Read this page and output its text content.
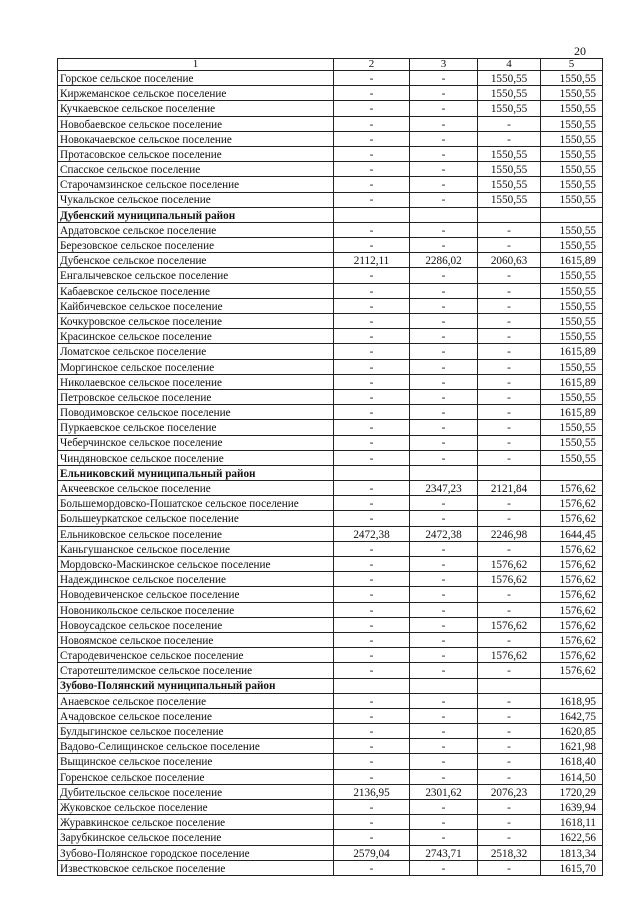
20
1	2	3	4	5
Горское сельское поселение	-	-	1550,55	1550,55
Киржеманское сельское поселение	-	-	1550,55	1550,55
Кучкаевское сельское поселение	-	-	1550,55	1550,55
Новобаевское сельское поселение	-	-	-	1550,55
Новокачаевское сельское поселение	-	-	-	1550,55
Протасовское сельское поселение	-	-	1550,55	1550,55
Спасское сельское поселение	-	-	1550,55	1550,55
Старочамзинское сельское поселение	-	-	1550,55	1550,55
Чукальское сельское поселение	-	-	1550,55	1550,55
Дубенский муниципальный район				
Ардатовское сельское поселение	-	-	-	1550,55
Березовское сельское поселение	-	-	-	1550,55
Дубенское сельское поселение	2112,11	2286,02	2060,63	1615,89
Енгалычевское сельское поселение	-	-	-	1550,55
Кабаевское сельское поселение	-	-	-	1550,55
Кайбичевское сельское поселение	-	-	-	1550,55
Кочкуровское сельское поселение	-	-	-	1550,55
Красинское сельское поселение	-	-	-	1550,55
Ломатское сельское поселение	-	-	-	1615,89
Моргинское сельское поселение	-	-	-	1550,55
Николаевское сельское поселение	-	-	-	1615,89
Петровское сельское поселение	-	-	-	1550,55
Поводимовское сельское поселение	-	-	-	1615,89
Пуркаевское сельское поселение	-	-	-	1550,55
Чеберчинское сельское поселение	-	-	-	1550,55
Чиндяновское сельское поселение	-	-	-	1550,55
Ельниковский муниципальный район				
Акчеевское сельское поселение	-	2347,23	2121,84	1576,62
Большемордовско-Пошатское сельское поселение	-	-	-	1576,62
Большеуркатское сельское поселение	-	-	-	1576,62
Ельниковское сельское поселение	2472,38	2472,38	2246,98	1644,45
Каньгушанское сельское поселение	-	-	-	1576,62
Мордовско-Маскинское сельское поселение	-	-	1576,62	1576,62
Надеждинское сельское поселение	-	-	1576,62	1576,62
Новодевиченское сельское поселение	-	-	-	1576,62
Новоникольское сельское поселение	-	-	-	1576,62
Новоусадское сельское поселение	-	-	1576,62	1576,62
Новоямское сельское поселение	-	-	-	1576,62
Стародевиченское сельское поселение	-	-	1576,62	1576,62
Старотештелимское сельское поселение	-	-	-	1576,62
Зубово-Полянский муниципальный район				
Анаевское сельское поселение	-	-	-	1618,95
Ачадовское сельское поселение	-	-	-	1642,75
Булдыгинское сельское поселение	-	-	-	1620,85
Вадово-Селищинское сельское поселение	-	-	-	1621,98
Выщинское сельское поселение	-	-	-	1618,40
Горенское сельское поселение	-	-	-	1614,50
Дубительское сельское поселение	2136,95	2301,62	2076,23	1720,29
Жуковское сельское поселение	-	-	-	1639,94
Журавкинское сельское поселение	-	-	-	1618,11
Зарубкинское сельское поселение	-	-	-	1622,56
Зубово-Полянское городское поселение	2579,04	2743,71	2518,32	1813,34
Известковское сельское поселение	-	-	-	1615,70
